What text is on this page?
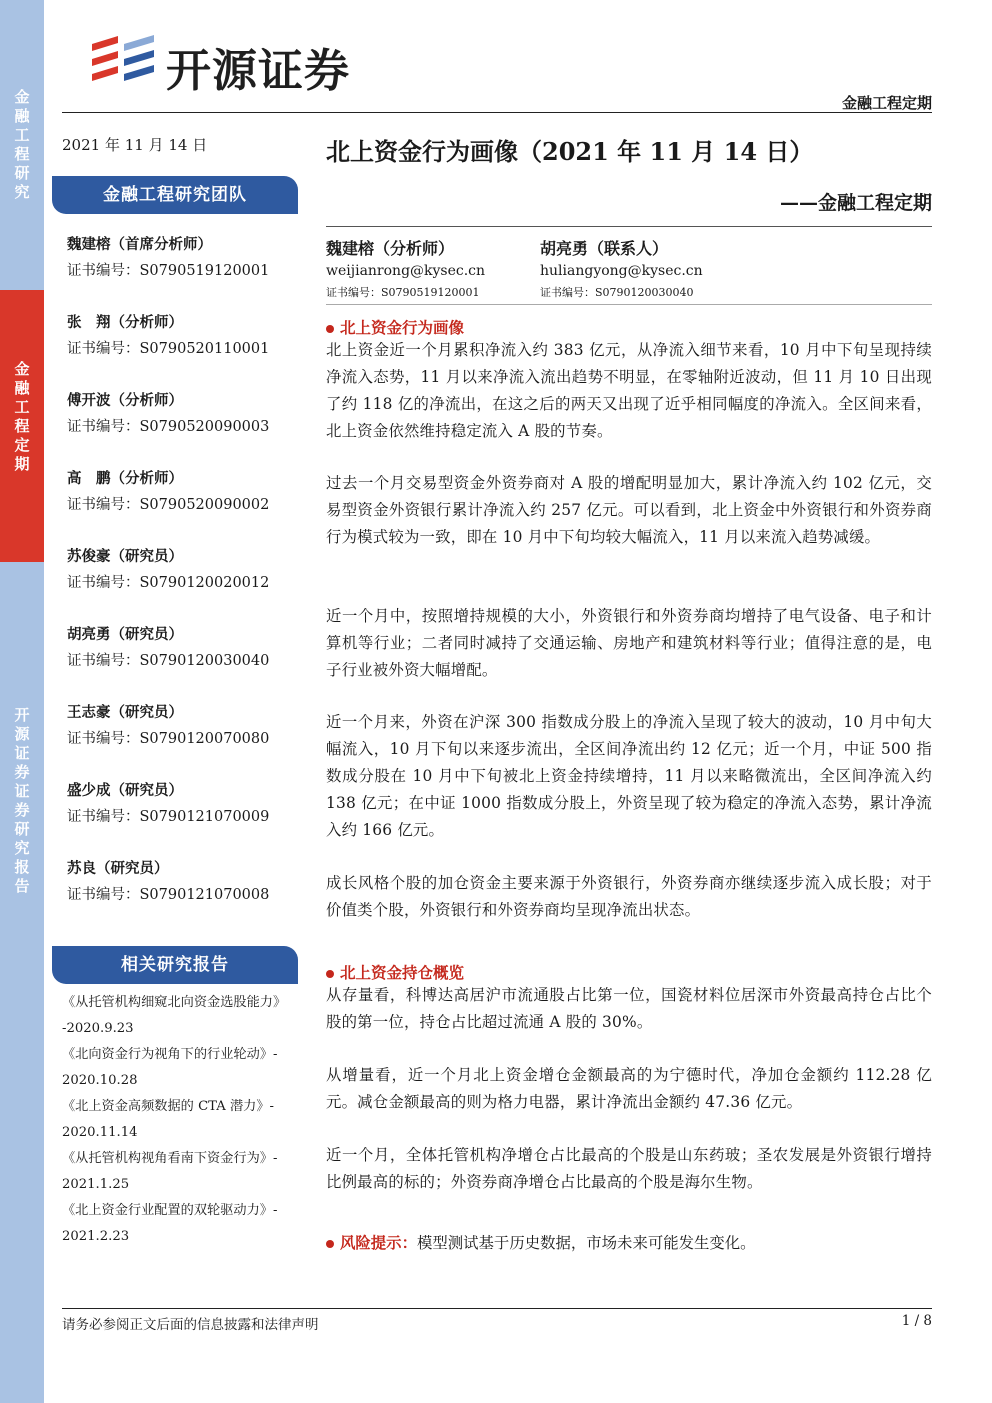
金融工程研究
金融工程定期
开源证券 证券研究报告
开源证券
金融工程定期
2021 年 11 月 14 日
金融工程研究团队
魏建榕（首席分析师）
证书编号：S0790519120001
张　翔（分析师）
证书编号：S0790520110001
傅开波（分析师）
证书编号：S0790520090003
高　鹏（分析师）
证书编号：S0790520090002
苏俊豪（研究员）
证书编号：S0790120020012
胡亮勇（研究员）
证书编号：S0790120030040
王志豪（研究员）
证书编号：S0790120070080
盛少成（研究员）
证书编号：S0790121070009
苏良（研究员）
证书编号：S0790121070008
相关研究报告
《从托管机构细窥北向资金选股能力》
-2020.9.23
《北向资金行为视角下的行业轮动》-
2020.10.28
《北上资金高频数据的 CTA 潜力》-
2020.11.14
《从托管机构视角看南下资金行为》-
2021.1.25
《北上资金行业配置的双轮驱动力》-
2021.2.23
北上资金行为画像（2021 年 11 月 14 日）
——金融工程定期
魏建榕（分析师）
weijianrong@kysec.cn
证书编号：S0790519120001
胡亮勇（联系人）
huliangyong@kysec.cn
证书编号：S0790120030040
北上资金行为画像
北上资金近一个月累积净流入约 383 亿元，从净流入细节来看，10 月中下旬呈现持续净流入态势，11 月以来净流入流出趋势不明显，在零轴附近波动，但 11 月 10 日出现了约 118 亿的净流出，在这之后的两天又出现了近乎相同幅度的净流入。全区间来看，北上资金依然维持稳定流入 A 股的节奏。
过去一个月交易型资金外资券商对 A 股的增配明显加大，累计净流入约 102 亿元，交易型资金外资银行累计净流入约 257 亿元。可以看到，北上资金中外资银行和外资券商行为模式较为一致，即在 10 月中下旬均较大幅流入，11 月以来流入趋势减缓。
近一个月中，按照增持规模的大小，外资银行和外资券商均增持了电气设备、电子和计算机等行业；二者同时减持了交通运输、房地产和建筑材料等行业；值得注意的是，电子行业被外资大幅增配。
近一个月来，外资在沪深 300 指数成分股上的净流入呈现了较大的波动，10 月中旬大幅流入，10 月下旬以来逐步流出，全区间净流出约 12 亿元；近一个月，中证 500 指数成分股在 10 月中下旬被北上资金持续增持，11 月以来略微流出，全区间净流入约 138 亿元；在中证 1000 指数成分股上，外资呈现了较为稳定的净流入态势，累计净流入约 166 亿元。
成长风格个股的加仓资金主要来源于外资银行，外资券商亦继续逐步流入成长股；对于价值类个股，外资银行和外资券商均呈现净流出状态。
北上资金持仓概览
从存量看，科博达高居沪市流通股占比第一位，国瓷材料位居深市外资最高持仓占比个股的第一位，持仓占比超过流通 A 股的 30%。
从增量看，近一个月北上资金增仓金额最高的为宁德时代，净加仓金额约 112.28 亿元。减仓金额最高的则为格力电器，累计净流出金额约 47.36 亿元。
近一个月，全体托管机构净增仓占比最高的个股是山东药玻；圣农发展是外资银行增持比例最高的标的；外资券商净增仓占比最高的个股是海尔生物。
风险提示：模型测试基于历史数据，市场未来可能发生变化。
请务必参阅正文后面的信息披露和法律声明	1 / 8
